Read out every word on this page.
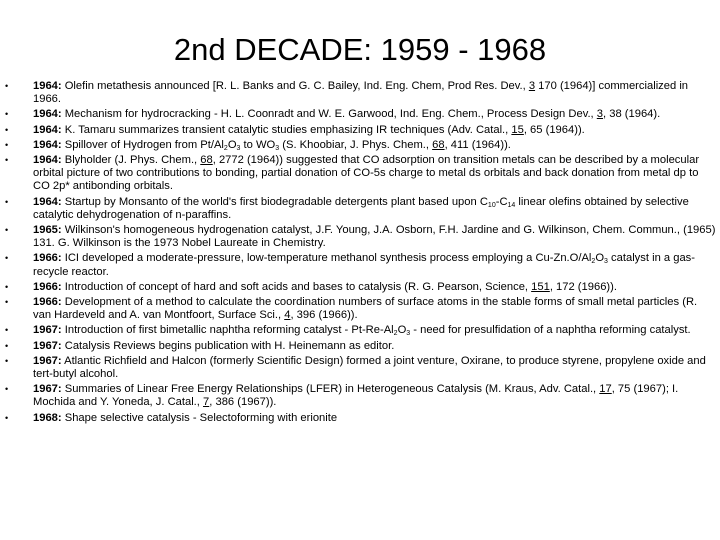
2nd DECADE: 1959 - 1968
• 1964: Olefin metathesis announced [R. L. Banks and G. C. Bailey, Ind. Eng. Chem, Prod Res. Dev., 3 170 (1964)] commercialized in 1966.
• 1964: Mechanism for hydrocracking - H. L. Coonradt and W. E. Garwood, Ind. Eng. Chem., Process Design Dev., 3, 38 (1964).
• 1964: K. Tamaru summarizes transient catalytic studies emphasizing IR techniques (Adv. Catal., 15, 65 (1964)).
• 1964: Spillover of Hydrogen from $Pt/Al_2O_3$ to $WO_3$ (S. Khoobiar, J. Phys. Chem., 68, 411 (1964)).
• 1964: Blyholder (J. Phys. Chem., 68, 2772 (1964)) suggested that CO adsorption on transition metals can be described by a molecular orbital picture of two contributions to bonding, partial donation of CO-5s charge to metal ds orbitals and back donation from metal dp to CO 2p* antibonding orbitals.
• 1964: Startup by Monsanto of the world's first biodegradable detergents plant based upon $C_{10}-C_{14}$ linear olefins obtained by selective catalytic dehydrogenation of n-paraffins.
• 1965: Wilkinson's homogeneous hydrogenation catalyst, J.F. Young, J.A. Osborn, F.H. Jardine and G. Wilkinson, Chem. Commun., (1965) 131. G. Wilkinson is the 1973 Nobel Laureate in Chemistry.
• 1966: ICI developed a moderate-pressure, low-temperature methanol synthesis process employing a $Cu-Zn.O/Al_2O_3$ catalyst in a gas-recycle reactor.
• 1966: Introduction of concept of hard and soft acids and bases to catalysis (R. G. Pearson, Science, 151, 172 (1966)).
• 1966: Development of a method to calculate the coordination numbers of surface atoms in the stable forms of small metal particles (R. van Hardeveld and A. van Montfoort, Surface Sci., 4, 396 (1966)).
• 1967: Introduction of first bimetallic naphtha reforming catalyst - $Pt-Re-Al_2O_3$ - need for presulfidation of a naphtha reforming catalyst.
• 1967: Catalysis Reviews begins publication with H. Heinemann as editor.
• 1967: Atlantic Richfield and Halcon (formerly Scientific Design) formed a joint venture, Oxirane, to produce styrene, propylene oxide and tert-butyl alcohol.
• 1967: Summaries of Linear Free Energy Relationships (LFER) in Heterogeneous Catalysis (M. Kraus, Adv. Catal., 17, 75 (1967); I. Mochida and Y. Yoneda, J. Catal., 7, 386 (1967)).
• 1968: Shape selective catalysis - Selectoforming with erionite
